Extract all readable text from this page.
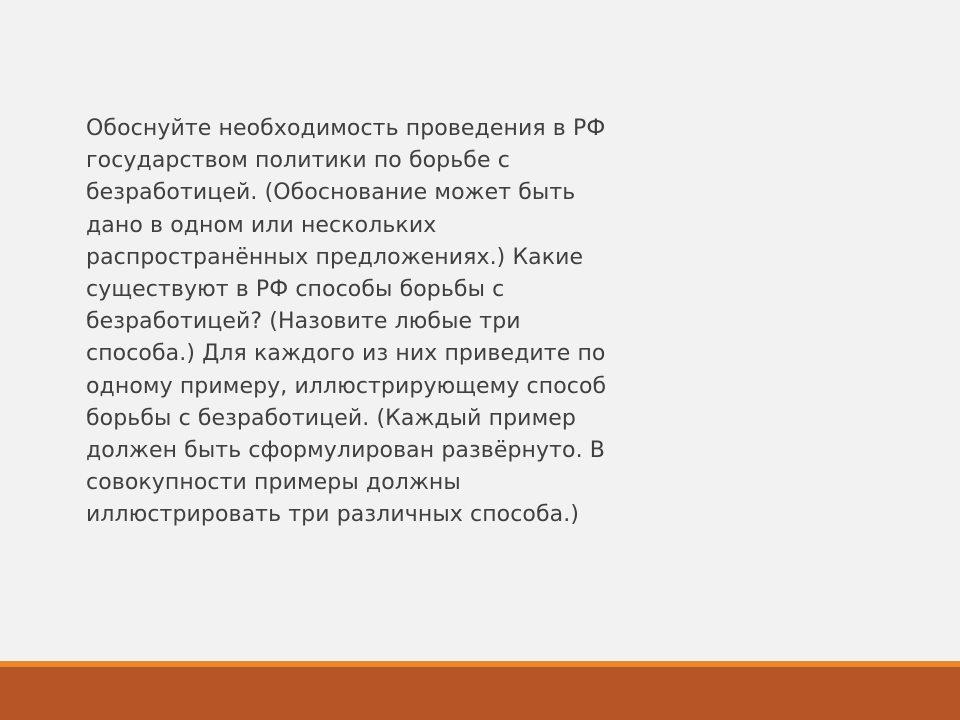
Обоснуйте необходимость проведения в РФ
государством политики по борьбе с
безработицей. (Обоснование может быть
дано в одном или нескольких
распространённых предложениях.) Какие
существуют в РФ способы борьбы с
безработицей? (Назовите любые три
способа.) Для каждого из них приведите по
одному примеру, иллюстрирующему способ
борьбы с безработицей. (Каждый пример
должен быть сформулирован развёрнуто. В
совокупности примеры должны
иллюстрировать три различных способа.)
